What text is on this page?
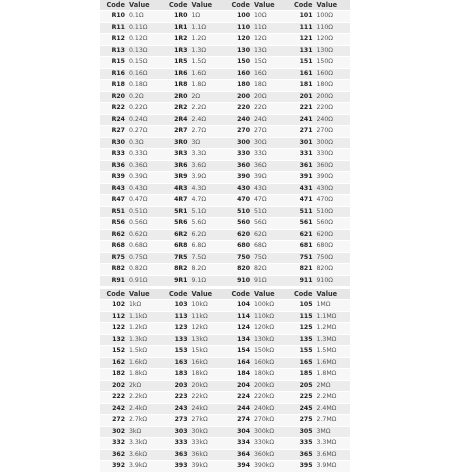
Code Value	Code Value	Code Value	Code Value
R10 0.1Ω	1R0 1Ω	100 10Ω	101 100Ω
R11 0.11Ω	1R1 1.1Ω	110 11Ω	111 110Ω
R12 0.12Ω	1R2 1.2Ω	120 12Ω	121 120Ω
R13 0.13Ω	1R3 1.3Ω	130 13Ω	131 130Ω
R15 0.15Ω	1R5 1.5Ω	150 15Ω	151 150Ω
R16 0.16Ω	1R6 1.6Ω	160 16Ω	161 160Ω
R18 0.18Ω	1R8 1.8Ω	180 18Ω	181 180Ω
R20 0.2Ω	2R0 2Ω	200 20Ω	201 200Ω
R22 0.22Ω	2R2 2.2Ω	220 22Ω	221 220Ω
R24 0.24Ω	2R4 2.4Ω	240 24Ω	241 240Ω
R27 0.27Ω	2R7 2.7Ω	270 27Ω	271 270Ω
R30 0.3Ω	3R0 3Ω	300 30Ω	301 300Ω
R33 0.33Ω	3R3 3.3Ω	330 33Ω	331 330Ω
R36 0.36Ω	3R6 3.6Ω	360 36Ω	361 360Ω
R39 0.39Ω	3R9 3.9Ω	390 39Ω	391 390Ω
R43 0.43Ω	4R3 4.3Ω	430 43Ω	431 430Ω
R47 0.47Ω	4R7 4.7Ω	470 47Ω	471 470Ω
R51 0.51Ω	5R1 5.1Ω	510 51Ω	511 510Ω
R56 0.56Ω	5R6 5.6Ω	560 56Ω	561 560Ω
R62 0.62Ω	6R2 6.2Ω	620 62Ω	621 620Ω
R68 0.68Ω	6R8 6.8Ω	680 68Ω	681 680Ω
R75 0.75Ω	7R5 7.5Ω	750 75Ω	751 750Ω
R82 0.82Ω	8R2 8.2Ω	820 82Ω	821 820Ω
R91 0.91Ω	9R1 9.1Ω	910 91Ω	911 910Ω
Code Value	Code Value	Code Value	Code Value
102 1kΩ	103 10kΩ	104 100kΩ	105 1MΩ
112 1.1kΩ	113 11kΩ	114 110kΩ	115 1.1MΩ
122 1.2kΩ	123 12kΩ	124 120kΩ	125 1.2MΩ
132 1.3kΩ	133 13kΩ	134 130kΩ	135 1.3MΩ
152 1.5kΩ	153 15kΩ	154 150kΩ	155 1.5MΩ
162 1.6kΩ	163 16kΩ	164 160kΩ	165 1.6MΩ
182 1.8kΩ	183 18kΩ	184 180kΩ	185 1.8MΩ
202 2kΩ	203 20kΩ	204 200kΩ	205 2MΩ
222 2.2kΩ	223 22kΩ	224 220kΩ	225 2.2MΩ
242 2.4kΩ	243 24kΩ	244 240kΩ	245 2.4MΩ
272 2.7kΩ	273 27kΩ	274 270kΩ	275 2.7MΩ
302 3kΩ	303 30kΩ	304 300kΩ	305 3MΩ
332 3.3kΩ	333 33kΩ	334 330kΩ	335 3.3MΩ
362 3.6kΩ	363 36kΩ	364 360kΩ	365 3.6MΩ
392 3.9kΩ	393 39kΩ	394 390kΩ	395 3.9MΩ
